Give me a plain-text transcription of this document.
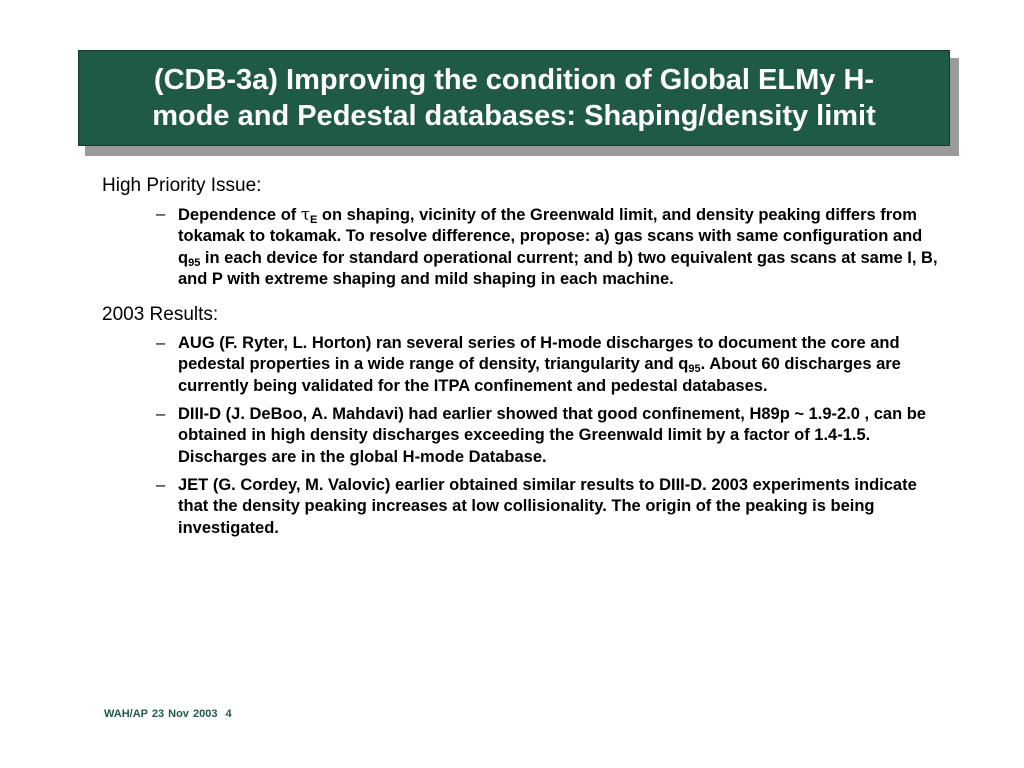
(CDB-3a) Improving the condition of Global ELMy H-
mode and Pedestal databases: Shaping/density limit
High Priority Issue:
– Dependence of $\tau_E$ on shaping, vicinity of the Greenwald limit, and density peaking differs from tokamak to tokamak. To resolve difference, propose: a) gas scans with same configuration and $q_{95}$ in each device for standard operational current; and b) two equivalent gas scans at same I, B, and P with extreme shaping and mild shaping in each machine.
2003 Results:
– AUG (F. Ryter, L. Horton) ran several series of H-mode discharges to document the core and pedestal properties in a wide range of density, triangularity and $q_{95}$. About 60 discharges are currently being validated for the ITPA confinement and pedestal databases.
– DIII-D (J. DeBoo, A. Mahdavi) had earlier showed that good confinement, H89p ~ 1.9-2.0 , can be obtained in high density discharges exceeding the Greenwald limit by a factor of 1.4-1.5. Discharges are in the global H-mode Database.
– JET (G. Cordey, M. Valovic) earlier obtained similar results to DIII-D. 2003 experiments indicate that the density peaking increases at low collisionality. The origin of the peaking is being investigated.
WAH/AP 23 Nov 2003 4
